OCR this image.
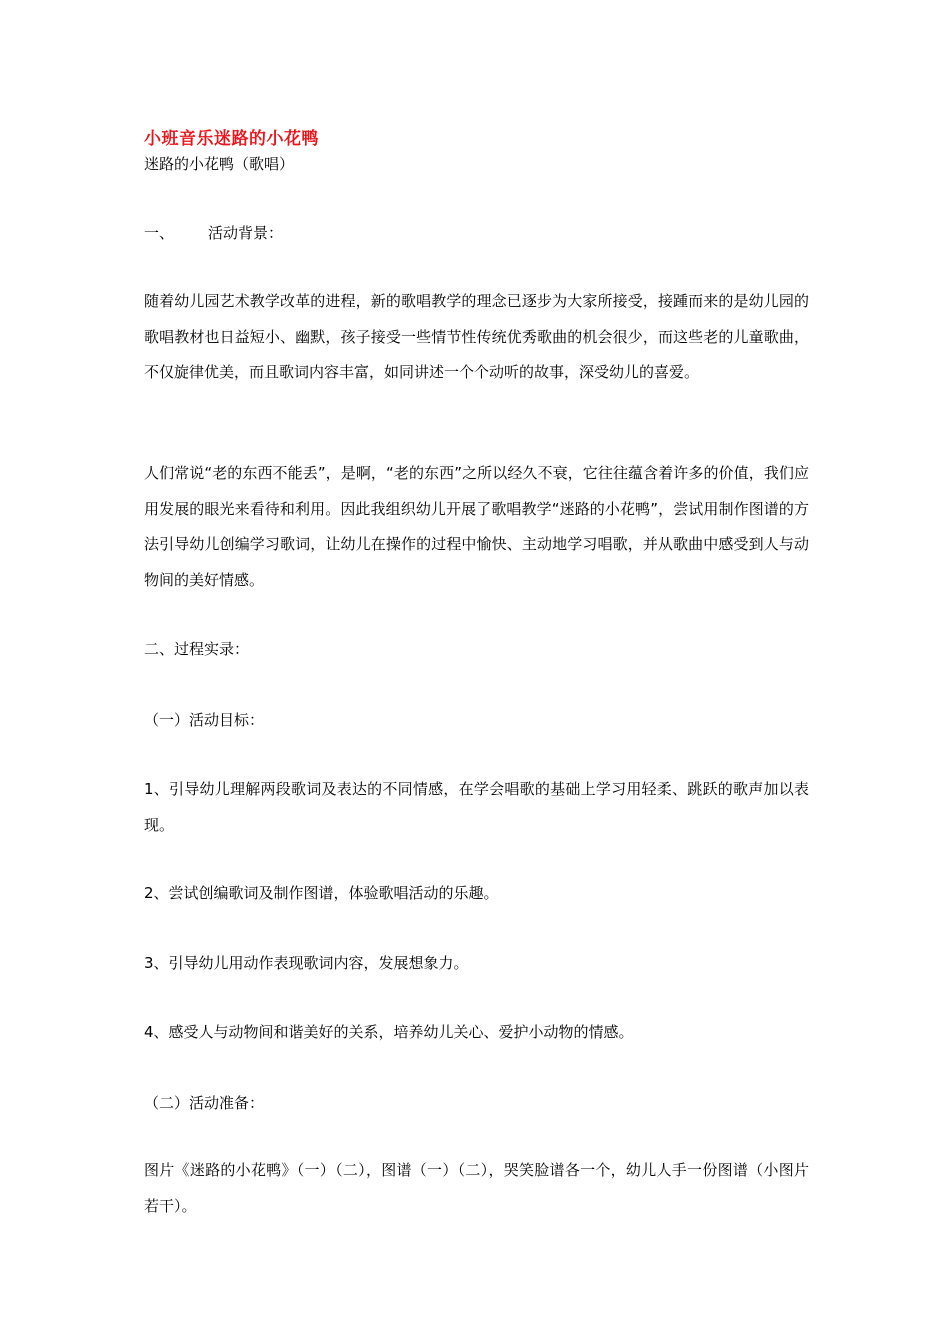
小班音乐迷路的小花鸭
迷路的小花鸭（歌唱）
一、 活动背景：
随着幼儿园艺术教学改革的进程，新的歌唱教学的理念已逐步为大家所接受，接踵而来的是幼儿园的歌唱教材也日益短小、幽默，孩子接受一些情节性传统优秀歌曲的机会很少，而这些老的儿童歌曲，不仅旋律优美，而且歌词内容丰富，如同讲述一个个动听的故事，深受幼儿的喜爱。
人们常说“老的东西不能丢”，是啊，“老的东西”之所以经久不衰，它往往蕴含着许多的价值，我们应用发展的眼光来看待和利用。因此我组织幼儿开展了歌唱教学“迷路的小花鸭”，尝试用制作图谱的方法引导幼儿创编学习歌词，让幼儿在操作的过程中愉快、主动地学习唱歌，并从歌曲中感受到人与动物间的美好情感。
二、过程实录：
（一）活动目标：
1、引导幼儿理解两段歌词及表达的不同情感，在学会唱歌的基础上学习用轻柔、跳跃的歌声加以表现。
2、尝试创编歌词及制作图谱，体验歌唱活动的乐趣。
3、引导幼儿用动作表现歌词内容，发展想象力。
4、感受人与动物间和谐美好的关系，培养幼儿关心、爱护小动物的情感。
（二）活动准备：
图片《迷路的小花鸭》（一）（二），图谱（一）（二），哭笑脸谱各一个，幼儿人手一份图谱（小图片若干）。
